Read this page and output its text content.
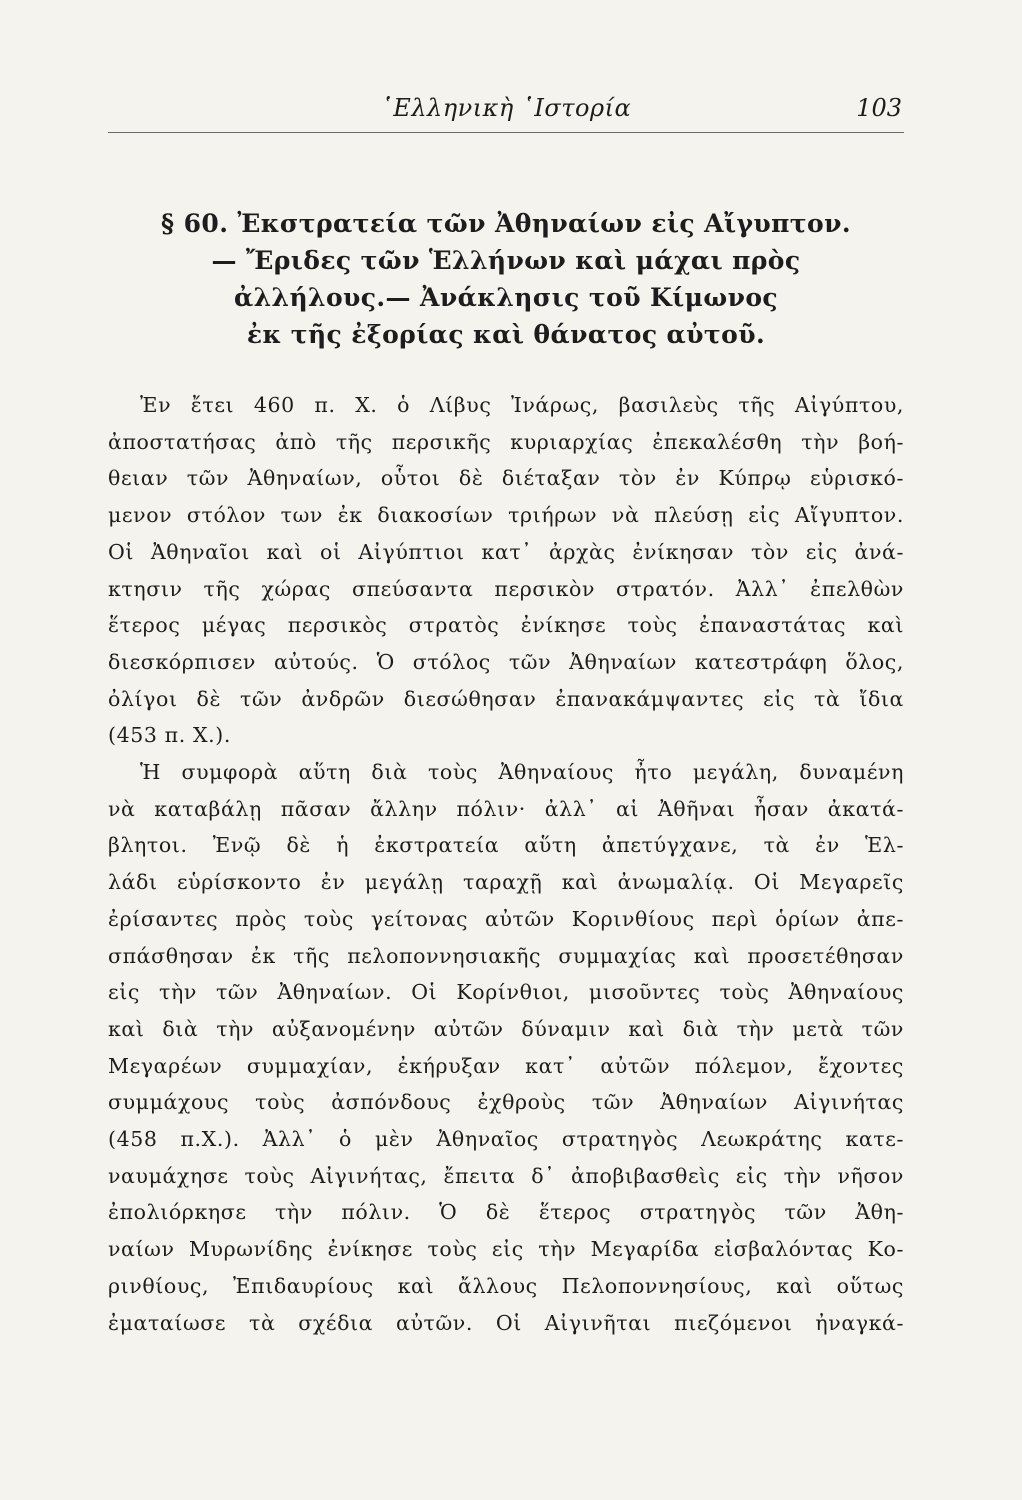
῾Ελληνικὴ ῾Ιστορία	103
§ 60. Ἐκστρατεία τῶν Ἀθηναίων εἰς Αἴγυπτον.
— Ἔριδες τῶν Ἑλλήνων καὶ μάχαι πρὸς
ἀλλήλους.— Ἀνάκλησις τοῦ Κίμωνος
ἐκ τῆς ἐξορίας καὶ θάνατος αὐτοῦ.
Ἐν ἔτει 460 π. Χ. ὁ Λίβυς Ἰνάρως, βασιλεὺς τῆς Αἰγύπτου,
ἀποστατήσας ἀπὸ τῆς περσικῆς κυριαρχίας ἐπεκαλέσθη τὴν βοή-
θειαν τῶν Ἀθηναίων, οὗτοι δὲ διέταξαν τὸν ἐν Κύπρῳ εὑρισκό-
μενον στόλον των ἐκ διακοσίων τριήρων νὰ πλεύσῃ εἰς Αἴγυπτον.
Οἱ Ἀθηναῖοι καὶ οἱ Αἰγύπτιοι κατ᾽ ἀρχὰς ἐνίκησαν τὸν εἰς ἀνά-
κτησιν τῆς χώρας σπεύσαντα περσικὸν στρατόν. Ἀλλ᾽ ἐπελθὼν
ἕτερος μέγας περσικὸς στρατὸς ἐνίκησε τοὺς ἐπαναστάτας καὶ
διεσκόρπισεν αὐτούς. Ὁ στόλος τῶν Ἀθηναίων κατεστράφη ὅλος,
ὀλίγοι δὲ τῶν ἀνδρῶν διεσώθησαν ἐπανακάμψαντες εἰς τὰ ἴδια
(453 π. Χ.).
Ἡ συμφορὰ αὕτη διὰ τοὺς Ἀθηναίους ἦτο μεγάλη, δυναμένη
νὰ καταβάλῃ πᾶσαν ἄλλην πόλιν· ἀλλ᾽ αἱ Ἀθῆναι ἦσαν ἀκατά-
βλητοι. Ἐνῷ δὲ ἡ ἐκστρατεία αὕτη ἀπετύγχανε, τὰ ἐν Ἑλ-
λάδι εὑρίσκοντο ἐν μεγάλῃ ταραχῇ καὶ ἀνωμαλίᾳ. Οἱ Μεγαρεῖς
ἐρίσαντες πρὸς τοὺς γείτονας αὐτῶν Κορινθίους περὶ ὁρίων ἀπε-
σπάσθησαν ἐκ τῆς πελοποννησιακῆς συμμαχίας καὶ προσετέθησαν
εἰς τὴν τῶν Ἀθηναίων. Οἱ Κορίνθιοι, μισοῦντες τοὺς Ἀθηναίους
καὶ διὰ τὴν αὐξανομένην αὐτῶν δύναμιν καὶ διὰ τὴν μετὰ τῶν
Μεγαρέων συμμαχίαν, ἐκήρυξαν κατ᾽ αὐτῶν πόλεμον, ἔχοντες
συμμάχους τοὺς ἀσπόνδους ἐχθροὺς τῶν Ἀθηναίων Αἰγινήτας
(458 π.Χ.). Ἀλλ᾽ ὁ μὲν Ἀθηναῖος στρατηγὸς Λεωκράτης κατε-
ναυμάχησε τοὺς Αἰγινήτας, ἔπειτα δ᾽ ἀποβιβασθεὶς εἰς τὴν νῆσον
ἐπολιόρκησε τὴν πόλιν. Ὁ δὲ ἕτερος στρατηγὸς τῶν Ἀθη-
ναίων Μυρωνίδης ἐνίκησε τοὺς εἰς τὴν Μεγαρίδα εἰσβαλόντας Κο-
ρινθίους, Ἐπιδαυρίους καὶ ἄλλους Πελοποννησίους, καὶ οὕτως
ἐματαίωσε τὰ σχέδια αὐτῶν. Οἱ Αἰγινῆται πιεζόμενοι ἠναγκά-
